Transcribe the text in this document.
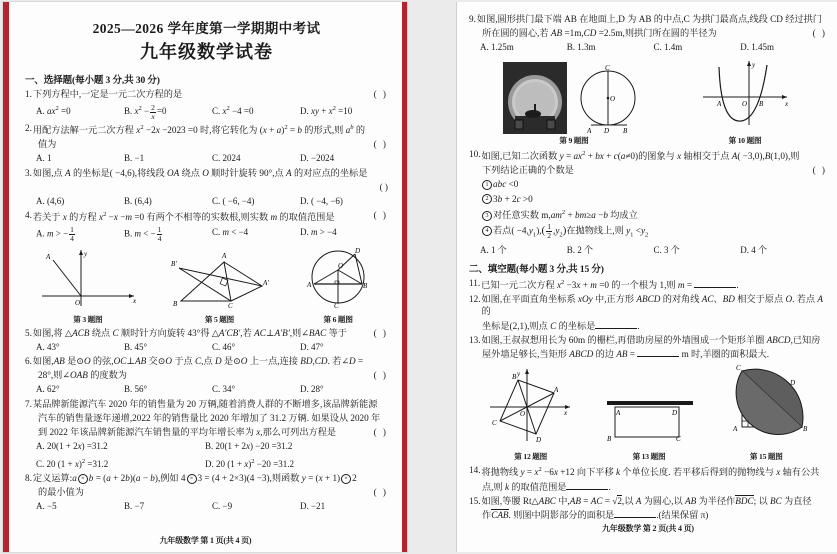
2025—2026 学年度第一学期期中考试
九年级数学试卷
一、选择题(每小题 3 分,共 30 分)
1.	( )
下列方程中,一定是一元二次方程的是
A. $ax^2 =0$	B. $x^2 - \frac{2}{x} =0$	C. $x^2 -4 =0$	D. xy + $x^2 =10$
2. 用配方法解一元二次方程 $x^2 -2x -2023 =0$ 时,将它转化为 $(x + a)^2 = b$ 的形式,则 $a^b$ 的
( )
值为
A. 1	B. −1	C. 2024	D. −2024
3. 如图,点 A 的坐标是( −4,6),将线段 OA 绕点 O 顺时针旋转 90°,点 A 的对应点的坐标是
( )
A. (4,6)	B. (6,4)	C. ( −6, −4)	D. ( −4, −6)
4.	( )
若关于 x 的方程 $x^2 -x -m =0$ 有两个不相等的实数根,则实数 m 的取值范围是
A. m > − $\frac{1}{4}$	B. m < − $\frac{1}{4}$	C. m < −4	D. m > −4
A
O	x
y
第 3 题图
A
B′
B	C
A′
第 5 题图
O
A	B
C
D
第 6 题图
5.	( )
如图,将 △ACB 绕点 C 顺时针方向旋转 43°得 △A′CB′,若 AC⊥A′B′,则∠BAC 等于
A. 43°	B. 45°	C. 46°	D. 47°
6. 如图,AB 是⊙O 的弦,OC⊥AB 交⊙O 于点 C,点 D 是⊙O 上一点,连接 BD,CD. 若∠D =
( )
28°,则∠OAB 的度数为
A. 62°	B. 56°	C. 34°	D. 28°
7. 某品牌新能源汽车 2020 年的销售量为 20 万辆,随着消费人群的不断增多,该品牌新能源
汽车的销售量逐年递增,2022 年的销售量比 2020 年增加了 31.2 万辆. 如果设从 2020 年
( )
到 2022 年该品牌新能源汽车销售量的平均年增长率为 x,那么可列出方程是
A. 20(1 + 2x) =31.2	B. 20(1 + 2x) −20 =31.2
C. 20 $(1 + x)^2 =31.2$	D. 20 $(1 + x)^2 -20 =31.2$
8. 定义运算:a × b = (a + 2b)(a − b),例如 4 × 3 = (4 + 2×3)(4 −3),则函数 y = (x + 1) × 2
( )
的最小值为
A. −5	B. −7	C. −9	D. −21
九年级数学 第 1 页(共 4 页)
9. 如图,圆形拱门最下端 AB 在地面上,D 为 AB 的中点,C 为拱门最高点,线段 CD 经过拱门
( )
所在圆的圆心,若 AB =1m,CD =2.5m,则拱门所在圆的半径为
A. 1.25m	B. 1.3m	C. 1.4m	D. 1.45m
C
O
A D B
第 9 题图
A	O B	x
y
第 10 题图
10. 如图,已知二次函数 $y = ax^2$ + bx + c(a≠0)的图象与 x 轴相交于点 A( −3,0),B(1,0),则
( )
下列结论正确的个数是
1 abc <0
2 3b + 2c >0
3 对任意实数 $m,am^2 + bm\ge a -b$ 均成立
4 若点( $-4,y_1),( \frac{1}{2} ,y_2)$在抛物线上,则 $y_1 <y_2$
A. 1 个	B. 2 个	C. 3 个	D. 4 个
二、填空题(每小题 3 分,共 15 分)
11. 已知一元二次方程 $x^2 -3x + m =0$ 的一个根为 1,则 m =	.
12. 如图,在平面直角坐标系 xOy 中,正方形 ABCD 的对角线 AC、BD 相交于原点 O. 若点 A 的
坐标是(2,1),则点 C 的坐标是	.
13. 如图,王叔叔想用长为 60m 的栅栏,再借助房屋的外墙围成一个矩形羊圈 ABCD,已知房
屋外墙足够长,当矩形 ABCD 的边 AB =	m 时,羊圈的面积最大.
A
B
C
D
O	x
y
第 12 题图
A	D
B	C
第 13 题图
C
D
A	B
第 15 题图
14. 将抛物线 $y = x^2 -6x +12$ 向下平移 k 个单位长度. 若平移后得到的抛物线与 x 轴有公共
点,则 k 的取值范围是	.
15. 如图,等腰 Rt△ABC 中,AB = AC = √2,以 A 为圆心,以 AB 为半径作BDC; 以 BC 为直径
作CAB. 则图中阴影部分的面积是	.(结果保留 π)
九年级数学 第 2 页(共 4 页)
